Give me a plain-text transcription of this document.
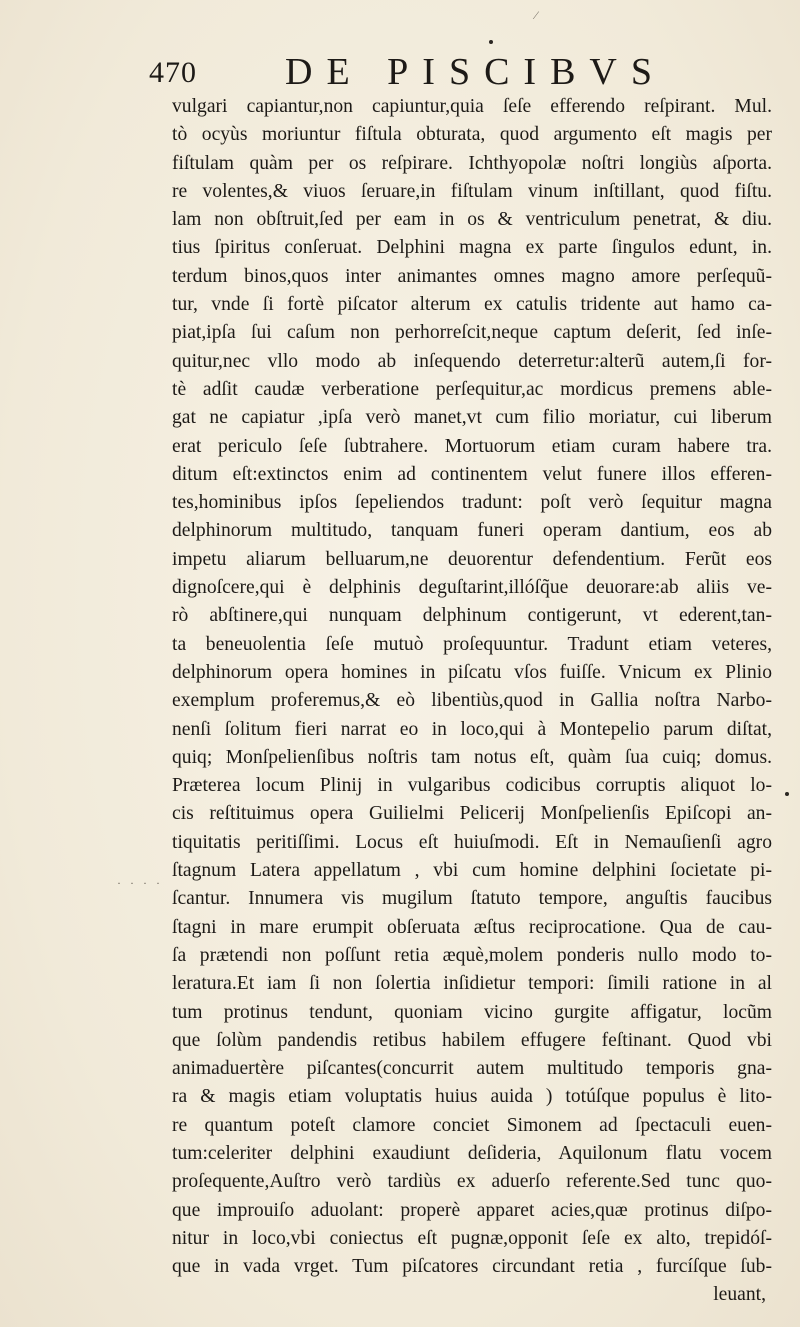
470 DE PISCIBVS
vulgari capiantur,non capiuntur,quia ſeſe efferendo reſpirant. Mul.
tò ocyùs moriuntur fiſtula obturata, quod argumento eſt magis per
fiſtulam quàm per os reſpirare. Ichthyopolæ noſtri longiùs aſporta.
re volentes,& viuos ſeruare,in fiſtulam vinum inſtillant, quod fiſtu.
lam non obſtruit,ſed per eam in os & ventriculum penetrat, & diu.
tius ſpiritus conſeruat. Delphini magna ex parte ſingulos edunt, in.
terdum binos,quos inter animantes omnes magno amore perſequũ-
tur, vnde ſi fortè piſcator alterum ex catulis tridente aut hamo ca-
piat,ipſa ſui caſum non perhorreſcit,neque captum deſerit, ſed inſe-
quitur,nec vllo modo ab inſequendo deterretur:alterũ autem,ſi for-
tè adſit caudæ verberatione perſequitur,ac mordicus premens able-
gat ne capiatur ,ipſa verò manet,vt cum filio moriatur, cui liberum
erat periculo ſeſe ſubtrahere. Mortuorum etiam curam habere tra.
ditum eſt:extinctos enim ad continentem velut funere illos efferen-
tes,hominibus ipſos ſepeliendos tradunt: poſt verò ſequitur magna
delphinorum multitudo, tanquam funeri operam dantium, eos ab
impetu aliarum belluarum,ne deuorentur defendentium. Ferũt eos
dignoſcere,qui è delphinis deguſtarint,illóſq̃ue deuorare:ab aliis ve-
rò abſtinere,qui nunquam delphinum contigerunt, vt ederent,tan-
ta beneuolentia ſeſe mutuò proſequuntur. Tradunt etiam veteres,
delphinorum opera homines in piſcatu vſos fuiſſe. Vnicum ex Plinio
exemplum proferemus,& eò libentiùs,quod in Gallia noſtra Narbo-
nenſi ſolitum fieri narrat eo in loco,qui à Montepelio parum diſtat,
quiq; Monſpelienſibus noſtris tam notus eſt, quàm ſua cuiq; domus.
Præterea locum Plinij in vulgaribus codicibus corruptis aliquot lo-
cis reſtituimus opera Guilielmi Pelicerij Monſpelienſis Epiſcopi an-
tiquitatis peritiſſimi. Locus eſt huiuſmodi. Eſt in Nemauſienſi agro
ſtagnum Latera appellatum , vbi cum homine delphini ſocietate pi-
ſcantur. Innumera vis mugilum ſtatuto tempore, anguſtis faucibus
ſtagni in mare erumpit obſeruata æſtus reciprocatione. Qua de cau-
ſa prætendi non poſſunt retia æquè,molem ponderis nullo modo to-
leratura.Et iam ſi non ſolertia inſidietur tempori: ſimili ratione in al
tum protinus tendunt, quoniam vicino gurgite affigatur, locũm
que ſolùm pandendis retibus habilem effugere feſtinant. Quod vbi
animaduertère piſcantes(concurrit autem multitudo temporis gna-
ra & magis etiam voluptatis huius auida ) totúſque populus è lito-
re quantum poteſt clamore conciet Simonem ad ſpectaculi euen-
tum:celeriter delphini exaudiunt deſideria, Aquilonum flatu vocem
proſequente,Auſtro verò tardiùs ex aduerſo referente.Sed tunc quo-
que improuiſo aduolant: properè apparet acies,quæ protinus diſpo-
nitur in loco,vbi coniectus eſt pugnæ,opponit ſeſe ex alto, trepidóſ-
que in vada vrget. Tum piſcatores circundant retia , furcíſque ſub-
leuant,
⁄
· · · ·
